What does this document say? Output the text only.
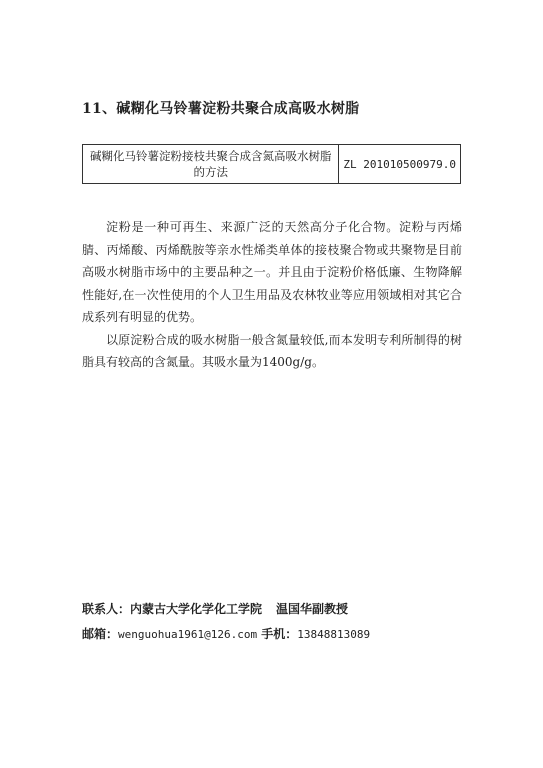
11、碱糊化马铃薯淀粉共聚合成高吸水树脂
碱糊化马铃薯淀粉接枝共聚合成含氮高吸水树脂的方法	ZL 201010500979.0

淀粉是一种可再生、来源广泛的天然高分子化合物。淀粉与丙烯腈、丙烯酸、丙烯酰胺等亲水性烯类单体的接枝聚合物或共聚物是目前高吸水树脂市场中的主要品种之一。并且由于淀粉价格低廉、生物降解性能好,在一次性使用的个人卫生用品及农林牧业等应用领域相对其它合成系列有明显的优势。

以原淀粉合成的吸水树脂一般含氮量较低,而本发明专利所制得的树脂具有较高的含氮量。其吸水量为1400g/g。

联系人：内蒙古大学化学化工学院 温国华副教授
邮箱：wenguohua1961@126.com 手机：13848813089
